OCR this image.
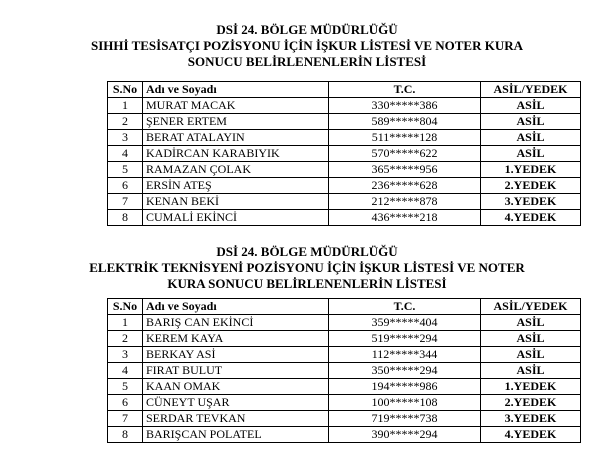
DSİ 24. BÖLGE MÜDÜRLÜĞÜ

SIHHİ TESİSATÇI POZİSYONU İÇİN İŞKUR LİSTESİ VE NOTER KURA

SONUCU BELİRLENENLERİN LİSTESİ

S.No	Adı ve Soyadı	T.C.	ASİL/YEDEK
1	MURAT MACAK	330*****386	ASİL
2	ŞENER ERTEM	589*****804	ASİL
3	BERAT ATALAYIN	511*****128	ASİL
4	KADİRCAN KARABIYIK	570*****622	ASİL
5	RAMAZAN ÇOLAK	365*****956	1.YEDEK
6	ERSİN ATEŞ	236*****628	2.YEDEK
7	KENAN BEKİ	212*****878	3.YEDEK
8	CUMALİ EKİNCİ	436*****218	4.YEDEK

DSİ 24. BÖLGE MÜDÜRLÜĞÜ

ELEKTRİK TEKNİSYENİ POZİSYONU İÇİN İŞKUR LİSTESİ VE NOTER

KURA SONUCU BELİRLENENLERİN LİSTESİ

S.No	Adı ve Soyadı	T.C.	ASİL/YEDEK
1	BARIŞ CAN EKİNCİ	359*****404	ASİL
2	KEREM KAYA	519*****294	ASİL
3	BERKAY ASİ	112*****344	ASİL
4	FIRAT BULUT	350*****294	ASİL
5	KAAN OMAK	194*****986	1.YEDEK
6	CÜNEYT UŞAR	100*****108	2.YEDEK
7	SERDAR TEVKAN	719*****738	3.YEDEK
8	BARIŞCAN POLATEL	390*****294	4.YEDEK
